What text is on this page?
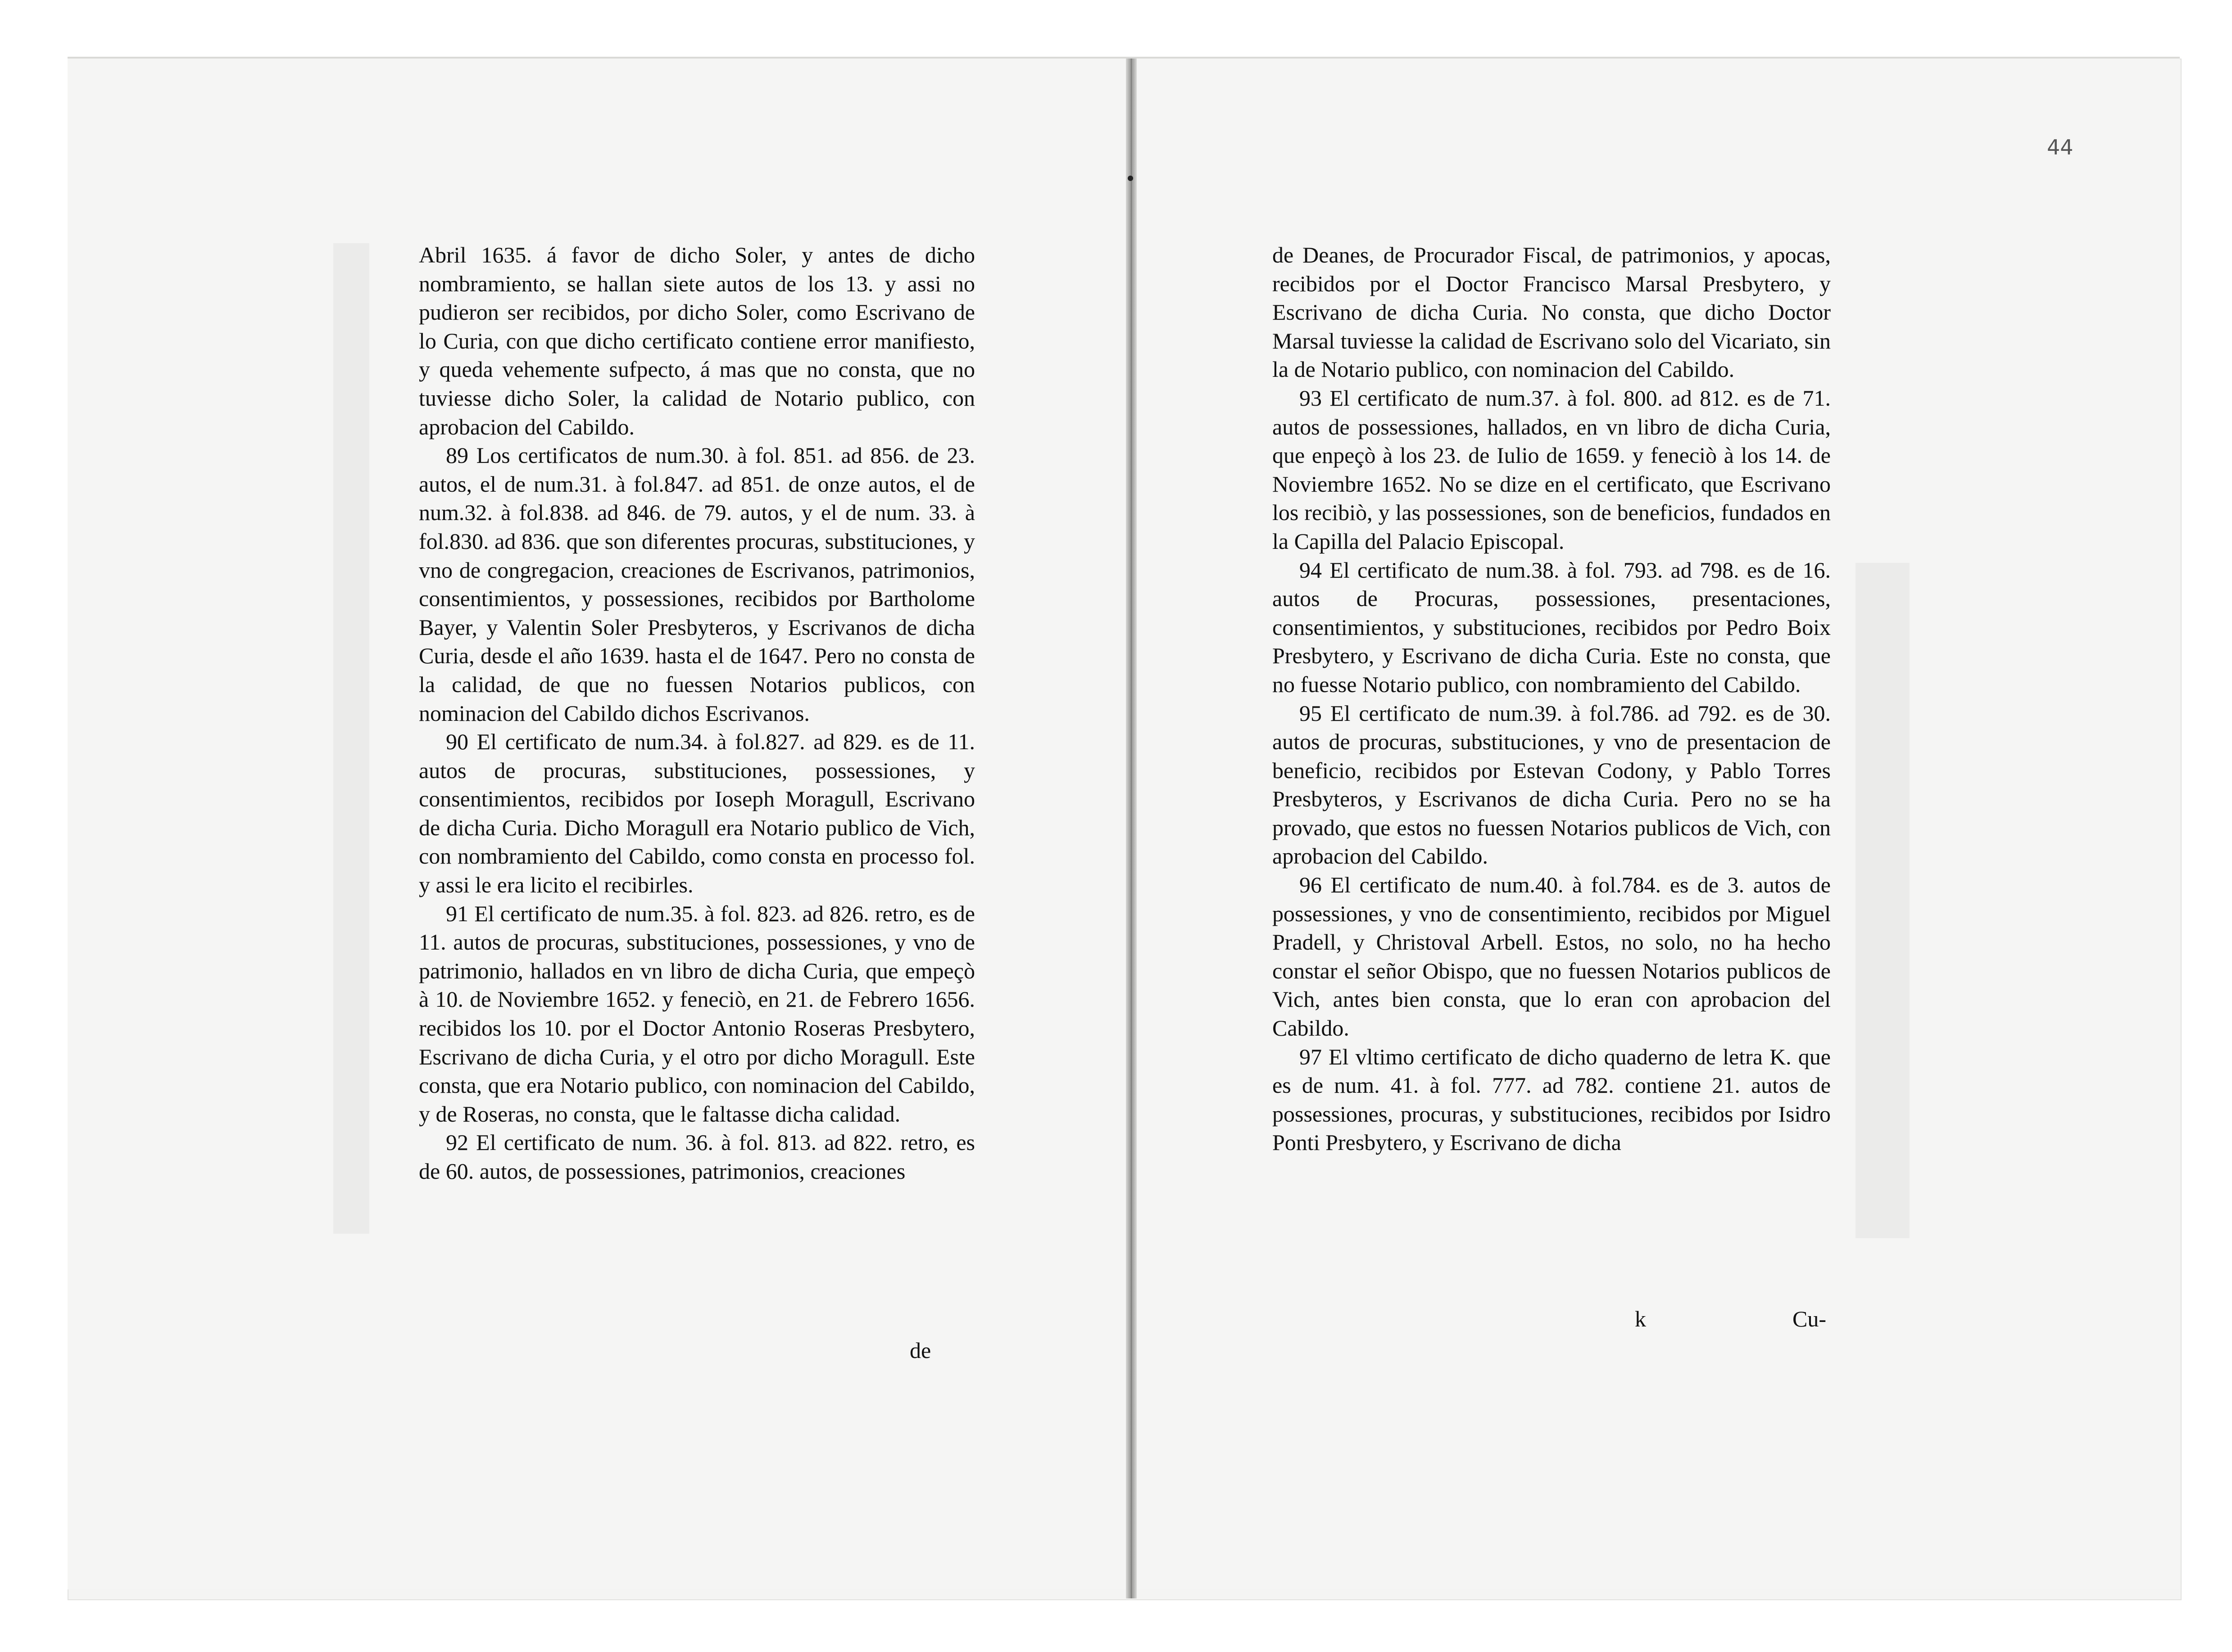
44

Abril 1635. á favor de dicho Soler, y antes de dicho nombramiento, se hallan siete autos de los 13. y assi no pudieron ser recibidos, por dicho Soler, como Escrivano de lo Curia, con que dicho certificato contiene error manifiesto, y queda vehemente sufpecto, á mas que no consta, que no tuviesse dicho Soler, la calidad de Notario publico, con aprobacion del Cabildo.

89 Los certificatos de num.30. à fol. 851. ad 856. de 23. autos, el de num.31. à fol.847. ad 851. de onze autos, el de num.32. à fol.838. ad 846. de 79. autos, y el de num. 33. à fol.830. ad 836. que son diferentes procuras, substituciones, y vno de congregacion, creaciones de Escrivanos, patrimonios, consentimientos, y possessiones, recibidos por Bartholome Bayer, y Valentin Soler Presbyteros, y Escrivanos de dicha Curia, desde el año 1639. hasta el de 1647. Pero no consta de la calidad, de que no fuessen Notarios publicos, con nominacion del Cabildo dichos Escrivanos.

90 El certificato de num.34. à fol.827. ad 829. es de 11. autos de procuras, substituciones, possessiones, y consentimientos, recibidos por Ioseph Moragull, Escrivano de dicha Curia. Dicho Moragull era Notario publico de Vich, con nombramiento del Cabildo, como consta en processo fol. y assi le era licito el recibirles.

91 El certificato de num.35. à fol. 823. ad 826. retro, es de 11. autos de procuras, substituciones, possessiones, y vno de patrimonio, hallados en vn libro de dicha Curia, que empeçò à 10. de Noviembre 1652. y feneciò, en 21. de Febrero 1656. recibidos los 10. por el Doctor Antonio Roseras Presbytero, Escrivano de dicha Curia, y el otro por dicho Moragull. Este consta, que era Notario publico, con nominacion del Cabildo, y de Roseras, no consta, que le faltasse dicha calidad.

92 El certificato de num. 36. à fol. 813. ad 822. retro, es de 60. autos, de possessiones, patrimonios, creaciones

de

de Deanes, de Procurador Fiscal, de patrimonios, y apocas, recibidos por el Doctor Francisco Marsal Presbytero, y Escrivano de dicha Curia. No consta, que dicho Doctor Marsal tuviesse la calidad de Escrivano solo del Vicariato, sin la de Notario publico, con nominacion del Cabildo.

93 El certificato de num.37. à fol. 800. ad 812. es de 71. autos de possessiones, hallados, en vn libro de dicha Curia, que enpeçò à los 23. de Iulio de 1659. y feneciò à los 14. de Noviembre 1652. No se dize en el certificato, que Escrivano los recibiò, y las possessiones, son de beneficios, fundados en la Capilla del Palacio Episcopal.

94 El certificato de num.38. à fol. 793. ad 798. es de 16. autos de Procuras, possessiones, presentaciones, consentimientos, y substituciones, recibidos por Pedro Boix Presbytero, y Escrivano de dicha Curia. Este no consta, que no fuesse Notario publico, con nombramiento del Cabildo.

95 El certificato de num.39. à fol.786. ad 792. es de 30. autos de procuras, substituciones, y vno de presentacion de beneficio, recibidos por Estevan Codony, y Pablo Torres Presbyteros, y Escrivanos de dicha Curia. Pero no se ha provado, que estos no fuessen Notarios publicos de Vich, con aprobacion del Cabildo.

96 El certificato de num.40. à fol.784. es de 3. autos de possessiones, y vno de consentimiento, recibidos por Miguel Pradell, y Christoval Arbell. Estos, no solo, no ha hecho constar el señor Obispo, que no fuessen Notarios publicos de Vich, antes bien consta, que lo eran con aprobacion del Cabildo.

97 El vltimo certificato de dicho quaderno de letra K. que es de num. 41. à fol. 777. ad 782. contiene 21. autos de possessiones, procuras, y substituciones, recibidos por Isidro Ponti Presbytero, y Escrivano de dicha

k	Cu-
